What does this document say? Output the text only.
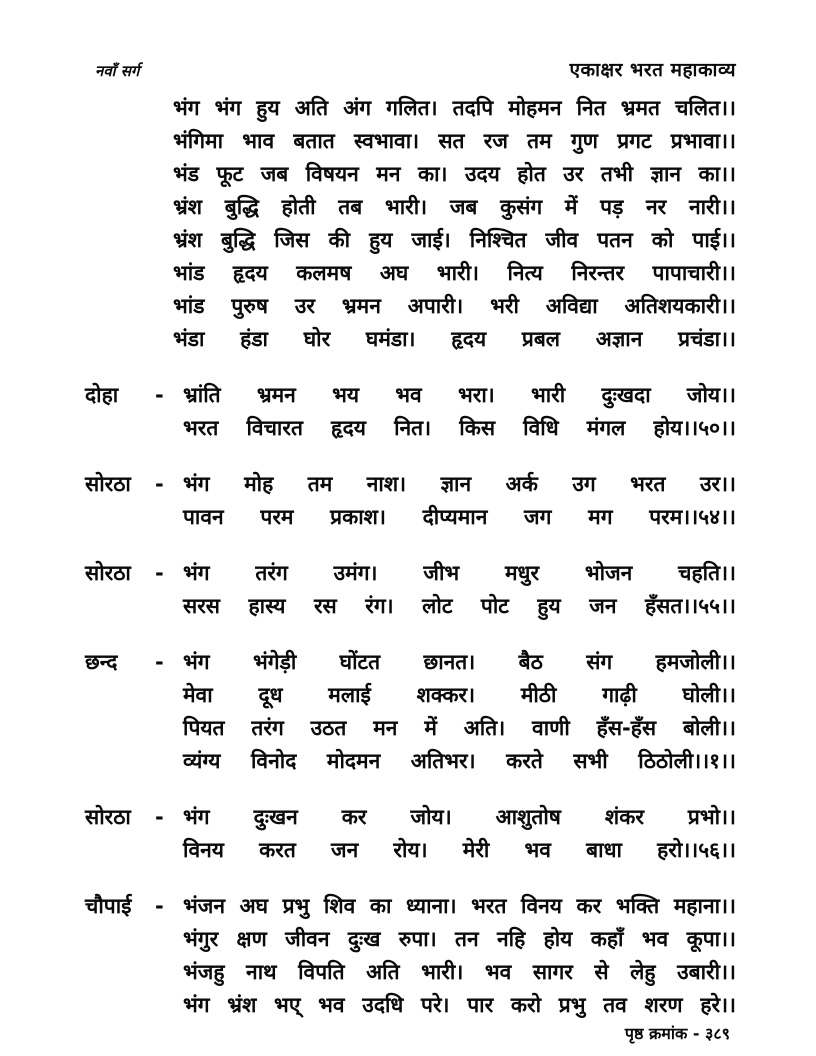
नवाँ सर्ग	एकाक्षर भरत महाकाव्य
भंग भंग हुय अति अंग गलित। तदपि मोहमन नित भ्रमत चलित।।
भंगिमा भाव बतात स्वभावा। सत रज तम गुण प्रगट प्रभावा।।
भंड फूट जब विषयन मन का। उदय होत उर तभी ज्ञान का।।
भ्रंश बुद्धि होती तब भारी। जब कुसंग में पड़ नर नारी।।
भ्रंश बुद्धि जिस की हुय जाई। निश्चित जीव पतन को पाई।।
भांड हृदय कलमष अघ भारी। नित्य निरन्तर पापाचारी।।
भांड पुरुष उर भ्रमन अपारी। भरी अविद्या अतिशयकारी।।
भंडा हंडा घोर घमंडा। हृदय प्रबल अज्ञान प्रचंडा।।
दोहा	- भ्रांति भ्रमन भय भव भरा। भारी दुःखदा जोय।।
भरत विचारत हृदय नित। किस विधि मंगल होय।।५०।।
सोरठा	- भंग मोह तम नाश। ज्ञान अर्क उग भरत उर।।
पावन परम प्रकाश। दीप्यमान जग मग परम।।५४।।
सोरठा	- भंग तरंग उमंग। जीभ मधुर भोजन चहति।।
सरस हास्य रस रंग। लोट पोट हुय जन हँसत।।५५।।
छन्द	- भंग भंगेड़ी घोंटत छानत। बैठ संग हमजोली।।
मेवा दूध मलाई शक्कर। मीठी गाढ़ी घोली।।
पियत तरंग उठत मन में अति। वाणी हँस-हँस बोली।।
व्यंग्य विनोद मोदमन अतिभर। करते सभी ठिठोली।।१।।
सोरठा	- भंग दुःखन कर जोय। आशुतोष शंकर प्रभो।।
विनय करत जन रोय। मेरी भव बाधा हरो।।५६।।
चौपाई	- भंजन अघ प्रभु शिव का ध्याना। भरत विनय कर भक्ति महाना।।
भंगुर क्षण जीवन दुःख रुपा। तन नहि होय कहाँ भव कूपा।।
भंजहु नाथ विपति अति भारी। भव सागर से लेहु उबारी।।
भंग भ्रंश भए् भव उदधि परे। पार करो प्रभु तव शरण हरे।।
पृष्ठ क्रमांक - ३८९
